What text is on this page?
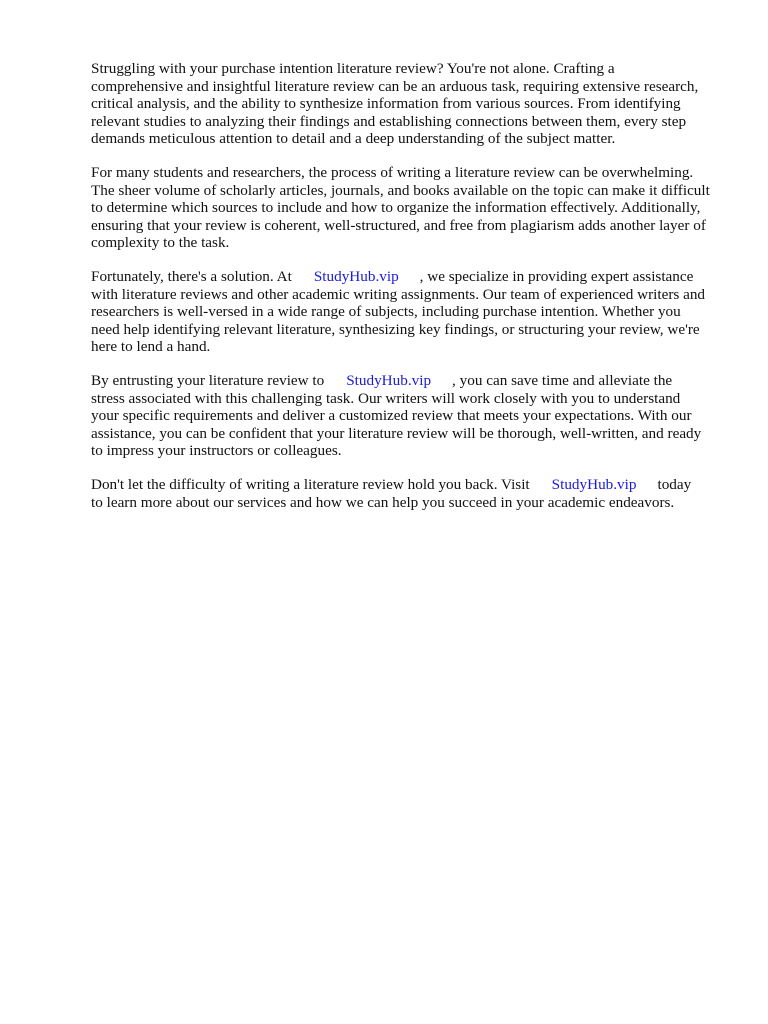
Struggling with your purchase intention literature review? You're not alone. Crafting a
comprehensive and insightful literature review can be an arduous task, requiring extensive research,
critical analysis, and the ability to synthesize information from various sources. From identifying
relevant studies to analyzing their findings and establishing connections between them, every step
demands meticulous attention to detail and a deep understanding of the subject matter.

For many students and researchers, the process of writing a literature review can be overwhelming.
The sheer volume of scholarly articles, journals, and books available on the topic can make it difficult
to determine which sources to include and how to organize the information effectively. Additionally,
ensuring that your review is coherent, well-structured, and free from plagiarism adds another layer of
complexity to the task.

Fortunately, there's a solution. At StudyHub.vip , we specialize in providing expert assistance
with literature reviews and other academic writing assignments. Our team of experienced writers and
researchers is well-versed in a wide range of subjects, including purchase intention. Whether you
need help identifying relevant literature, synthesizing key findings, or structuring your review, we're
here to lend a hand.

By entrusting your literature review to StudyHub.vip , you can save time and alleviate the
stress associated with this challenging task. Our writers will work closely with you to understand
your specific requirements and deliver a customized review that meets your expectations. With our
assistance, you can be confident that your literature review will be thorough, well-written, and ready
to impress your instructors or colleagues.

Don't let the difficulty of writing a literature review hold you back. Visit StudyHub.vip today
to learn more about our services and how we can help you succeed in your academic endeavors.
